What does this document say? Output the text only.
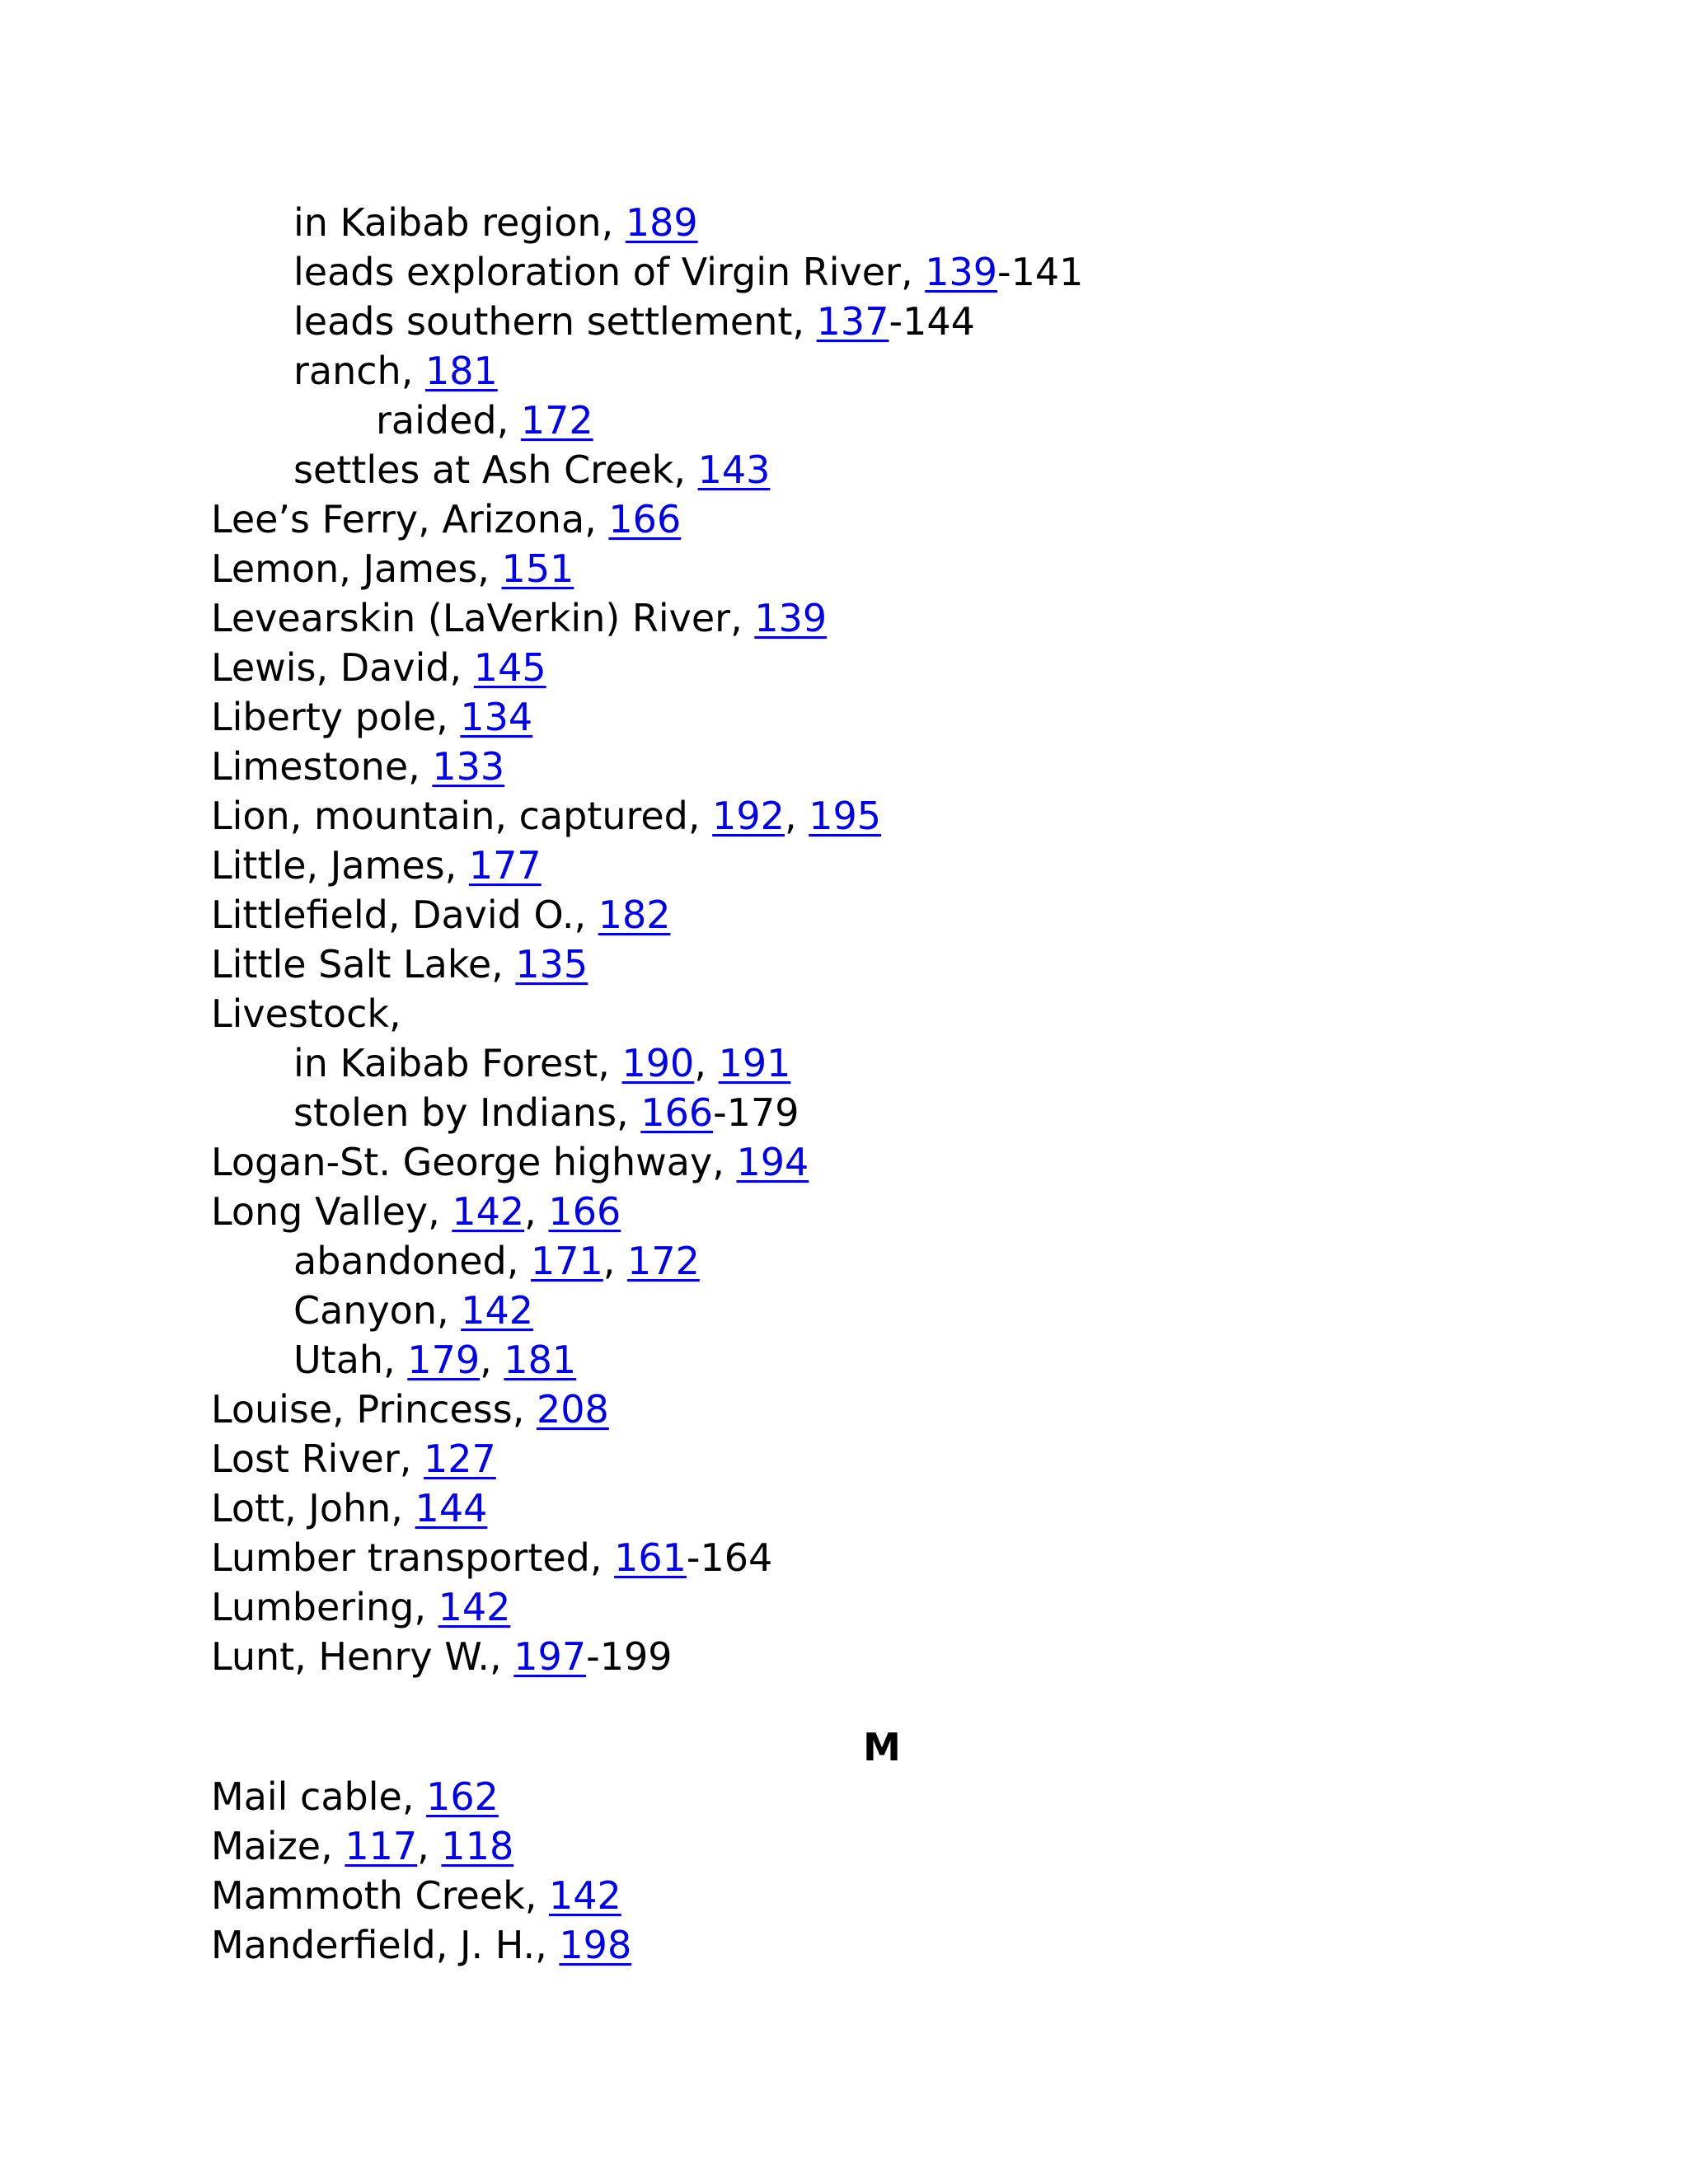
in Kaibab region, 189
leads exploration of Virgin River, 139-141
leads southern settlement, 137-144
ranch, 181
raided, 172
settles at Ash Creek, 143
Lee’s Ferry, Arizona, 166
Lemon, James, 151
Levearskin (LaVerkin) River, 139
Lewis, David, 145
Liberty pole, 134
Limestone, 133
Lion, mountain, captured, 192, 195
Little, James, 177
Littlefield, David O., 182
Little Salt Lake, 135
Livestock,
in Kaibab Forest, 190, 191
stolen by Indians, 166-179
Logan-St. George highway, 194
Long Valley, 142, 166
abandoned, 171, 172
Canyon, 142
Utah, 179, 181
Louise, Princess, 208
Lost River, 127
Lott, John, 144
Lumber transported, 161-164
Lumbering, 142
Lunt, Henry W., 197-199
M
Mail cable, 162
Maize, 117, 118
Mammoth Creek, 142
Manderfield, J. H., 198
